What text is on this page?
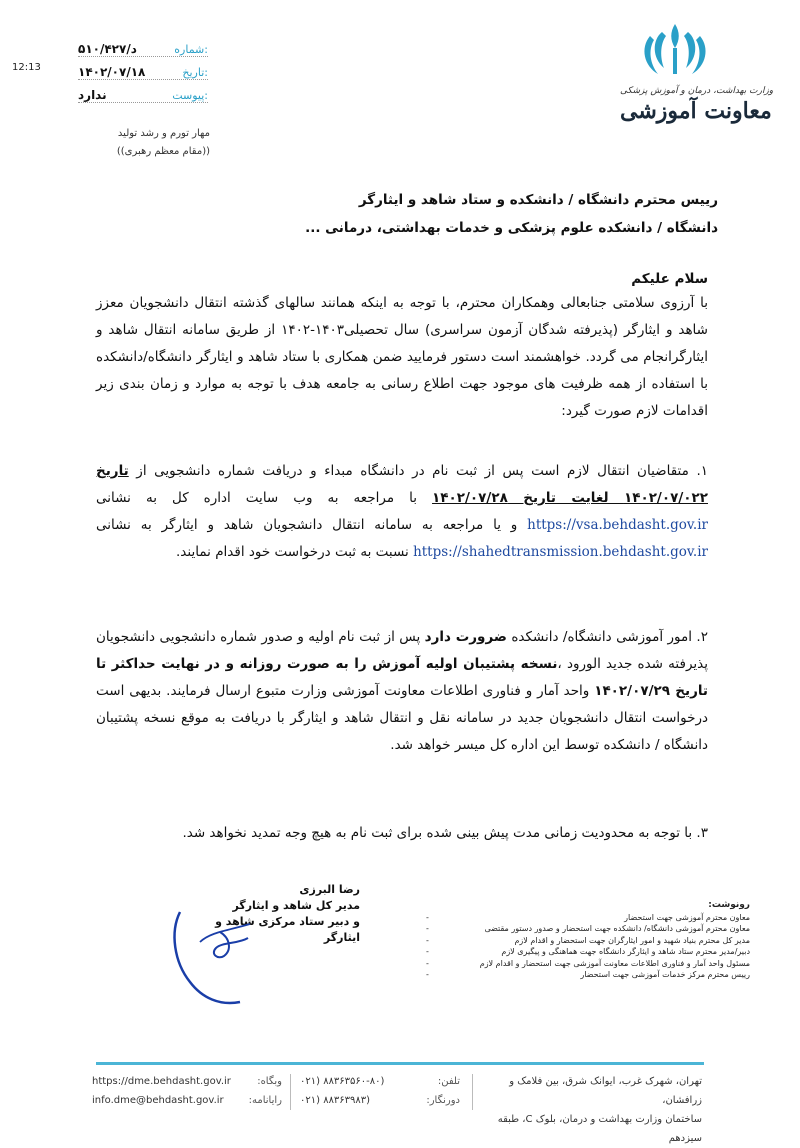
وزارت بهداشت، درمان و آموزش پزشکی
معاونت آموزشی
شماره:
۵۱۰/۴۲۷/د
تاریخ:
۱۴۰۲/۰۷/۱۸
پیوست:
ندارد
12:13
مهار تورم و رشد تولید
((مقام معظم رهبری))
رییس محترم دانشگاه / دانشکده و ستاد شاهد و ایثارگر
دانشگاه / دانشکده علوم پزشکی و خدمات بهداشتی، درمانی ...
سلام علیکم
با آرزوی سلامتی جنابعالی وهمکاران محترم، با توجه به اینکه همانند سالهای گذشته انتقال دانشجویان معزز شاهد و ایثارگر (پذیرفته شدگان آزمون سراسری) سال تحصیلی۱۴۰۳-۱۴۰۲ از طریق سامانه انتقال شاهد و ایثارگرانجام می گردد. خواهشمند است دستور فرمایید ضمن همکاری با ستاد شاهد و ایثارگر دانشگاه/دانشکده با استفاده از همه ظرفیت های موجود جهت اطلاع رسانی به جامعه هدف با توجه به موارد و زمان بندی زیر اقدامات لازم صورت گیرد:
۱. متقاضیان انتقال لازم است پس از ثبت نام در دانشگاه مبداء و دریافت شماره دانشجویی از تاریخ ۱۴۰۲/۰۷/۰۲۲ لغایت تاریخ ۱۴۰۲/۰۷/۲۸ با مراجعه به وب سایت اداره کل به نشانی https://vsa.behdasht.gov.ir و یا مراجعه به سامانه انتقال دانشجویان شاهد و ایثارگر به نشانی https://shahedtransmission.behdasht.gov.ir نسبت به ثبت درخواست خود اقدام نمایند.
۲. امور آموزشی دانشگاه/ دانشکده ضرورت دارد پس از ثبت نام اولیه و صدور شماره دانشجویی دانشجویان پذیرفته شده جدید الورود ،نسخه پشتیبان اولیه آموزش را به صورت روزانه و در نهایت حداکثر تا تاریخ ۱۴۰۲/۰۷/۲۹ واحد آمار و فناوری اطلاعات معاونت آموزشی وزارت متبوع ارسال فرمایند. بدیهی است درخواست انتقال دانشجویان جدید در سامانه نقل و انتقال شاهد و ایثارگر با دریافت به موقع نسخه پشتیبان دانشگاه / دانشکده توسط این اداره کل میسر خواهد شد.
۳. با توجه به محدودیت زمانی مدت پیش بینی شده برای ثبت نام به هیچ وجه تمدید نخواهد شد.
رضا البرزی
مدیر کل شاهد و ایثارگر
و دبیر ستاد مرکزی شاهد و ایثارگر
رونوشت:
معاون محترم آموزشی جهت استحضار
-
معاون محترم آموزشی دانشگاه/ دانشکده جهت استحضار و صدور دستور مقتضی
-
مدیر کل محترم بنیاد شهید و امور ایثارگران جهت استحضار و اقدام لازم
-
دبیر/مدیر محترم ستاد شاهد و ایثارگر دانشگاه جهت هماهنگی و پیگیری لازم
-
مسئول واحد آمار و فناوری اطلاعات معاونت آموزشی جهت استحضار و اقدام لازم
-
رییس محترم مرکز خدمات آموزشی جهت استحضار
-
تهران، شهرک غرب، ایوانک شرق، بین فلامک و زرافشان،
ساختمان وزارت بهداشت و درمان، بلوک C، طبقه سیزدهم
تلفن:
۰۲۱) ۸۸۳۶۳۵۶۰-۸۰)
دورنگار:
۰۲۱) ۸۸۳۶۳۹۸۳)
وبگاه:
https://dme.behdasht.gov.ir
رایانامه:
info.dme@behdasht.gov.ir
